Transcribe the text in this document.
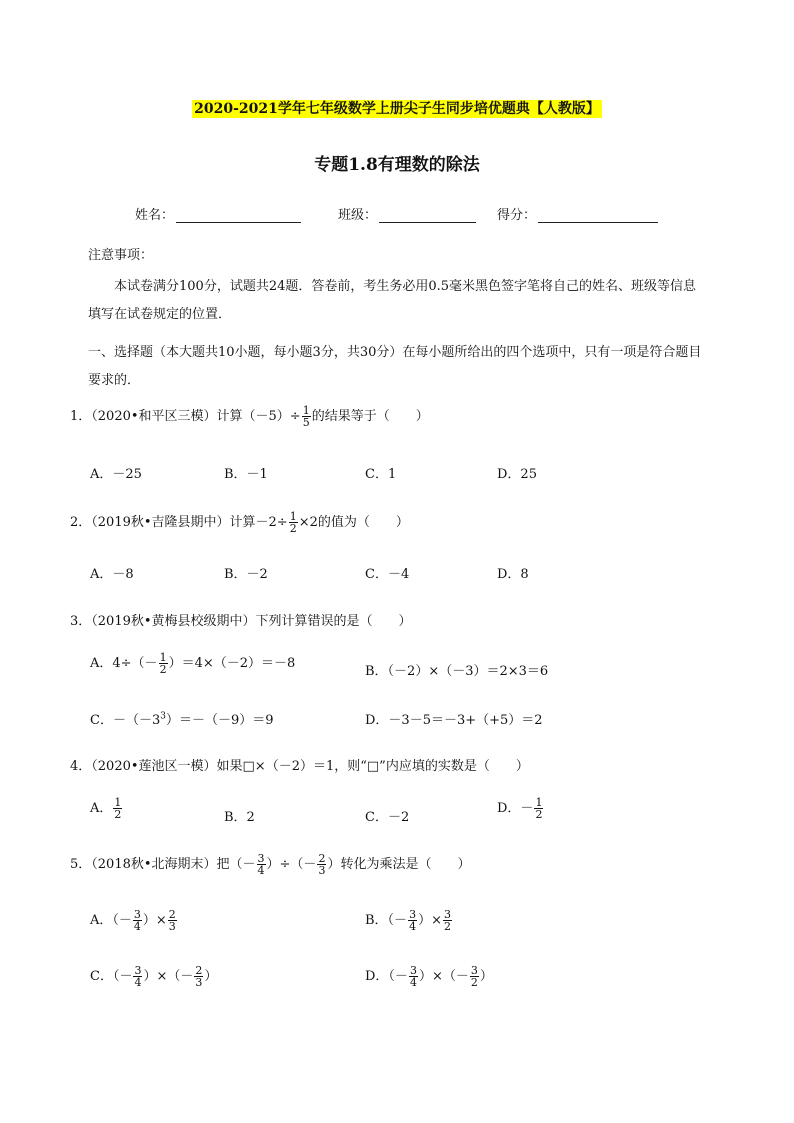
2020-2021学年七年级数学上册尖子生同步培优题典【人教版】
专题1.8有理数的除法
姓名：	班级：	得分：
注意事项：
本试卷满分100分，试题共24题．答卷前，考生务必用0.5毫米黑色签字笔将自己的姓名、班级等信息填写在试卷规定的位置．
一、选择题（本大题共10小题，每小题3分，共30分）在每小题所给出的四个选项中，只有一项是符合题目要求的．
1．（2020•和平区三模）计算$(-5)\div \frac{1}{5}$ 的结果等于（　　）
A．－25	B．－1	C．1	D．25
2．（2019秋•吉隆县期中）计算$-2\div \frac{1}{2} \times 2$的值为（　　）
A．－8	B．－2	C．－4	D．8
3．（2019秋•黄梅县校级期中）下列计算错误的是（　　）
A．$4\div(- \frac{1}{2} )=4\times(-2)=-8$
B．（－2）×（－3）＝2×3＝6
C．$-(-3^3)=-(-9)=9$	D．－3－5＝－3+（+5）＝2
4．（2020•莲池区一模）如果□×（－2）＝1，则“□”内应填的实数是（　　）
A． $\frac{1}{2}$	B．2	C．－2
D．－ $\frac{1}{2}$
5．（2018秋•北海期末）把（－ $\frac{3}{4}$ ）÷（－ $\frac{2}{3}$ ）转化为乘法是（　　）
A．（－ $\frac{3}{4}$ ）× $\frac{2}{3}$	B．（－ $\frac{3}{4}$ ）× $\frac{3}{2}$
C．（－ $\frac{3}{4}$ ）×（－ $\frac{2}{3}$ ）	D．（－ $\frac{3}{4}$ ）×（－ $\frac{3}{2}$ ）
